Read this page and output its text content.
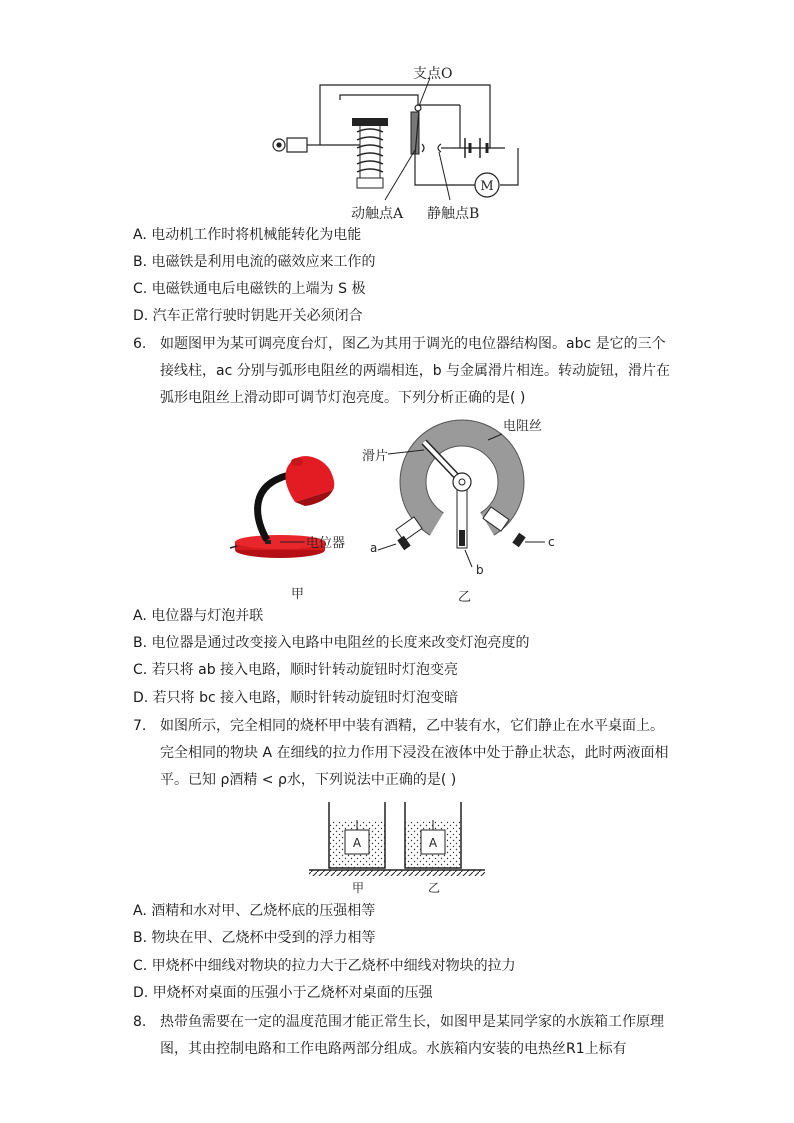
M
支点O
动触点A 静触点B
A. 电动机工作时将机械能转化为电能
B. 电磁铁是利用电流的磁效应来工作的
C. 电磁铁通电后电磁铁的上端为 S 极
D. 汽车正常行驶时钥匙开关必须闭合
6. 如题图甲为某可调亮度台灯，图乙为其用于调光的电位器结构图。abc 是它的三个
接线柱，ac 分别与弧形电阻丝的两端相连，b 与金属滑片相连。转动旋钮，滑片在
弧形电阻丝上滑动即可调节灯泡亮度。下列分析正确的是( )
电位器
甲
滑片
电阻丝
a
b
c
乙
A. 电位器与灯泡并联
B. 电位器是通过改变接入电路中电阻丝的长度来改变灯泡亮度的
C. 若只将 ab 接入电路，顺时针转动旋钮时灯泡变亮
D. 若只将 bc 接入电路，顺时针转动旋钮时灯泡变暗
7. 如图所示，完全相同的烧杯甲中装有酒精，乙中装有水，它们静止在水平桌面上。
完全相同的物块 A 在细线的拉力作用下浸没在液体中处于静止状态，此时两液面相
平。已知 ρ酒精 < ρ水，下列说法中正确的是( )
A	A
甲	乙
A. 酒精和水对甲、乙烧杯底的压强相等
B. 物块在甲、乙烧杯中受到的浮力相等
C. 甲烧杯中细线对物块的拉力大于乙烧杯中细线对物块的拉力
D. 甲烧杯对桌面的压强小于乙烧杯对桌面的压强
8. 热带鱼需要在一定的温度范围才能正常生长，如图甲是某同学家的水族箱工作原理
图，其由控制电路和工作电路两部分组成。水族箱内安装的电热丝R1上标有
